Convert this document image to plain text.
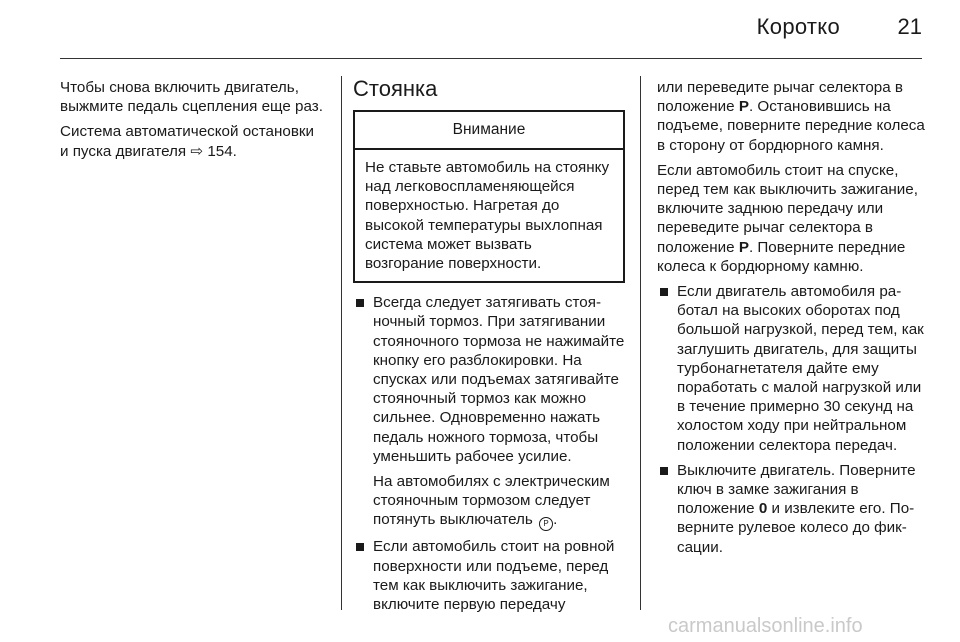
Коротко	21

Чтобы снова включить двигатель, выжмите педаль сцепления еще раз.

Система автоматической остановки и пуска двигателя ⇨ 154.

Стоянка
Внимание
Не ставьте автомобиль на стоянку над легковоспламеняющейся поверхностью. Нагретая до высокой температуры выхлопная система может вызвать возгорание поверхности.

Всегда следует затягивать стояночный тормоз. При затягивании стояночного тормоза не нажимайте кнопку его разблокировки. На спусках или подъемах затягивайте стояночный тормоз как можно сильнее. Одновременно нажать педаль ножного тормоза, чтобы уменьшить рабочее усилие.

На автомобилях с электрическим стояночным тормозом следует потянуть выключатель P .

Если автомобиль стоит на ровной поверхности или подъеме, перед тем как выключить зажигание, включите первую передачу

или переведите рычаг селектора в положение P. Остановившись на подъеме, поверните передние колеса в сторону от бордюрного камня.

Если автомобиль стоит на спуске, перед тем как выключить зажигание, включите заднюю передачу или переведите рычаг селектора в положение P. Поверните передние колеса к бордюрному камню.

Если двигатель автомобиля работал на высоких оборотах под большой нагрузкой, перед тем, как заглушить двигатель, для защиты турбонагнетателя дайте ему поработать с малой нагрузкой или в течение примерно 30 секунд на холостом ходу при нейтральном положении селектора передач.

Выключите двигатель. Поверните ключ в замке зажигания в положение 0 и извлеките его. Поверните рулевое колесо до фиксации.

carmanualsonline.info
